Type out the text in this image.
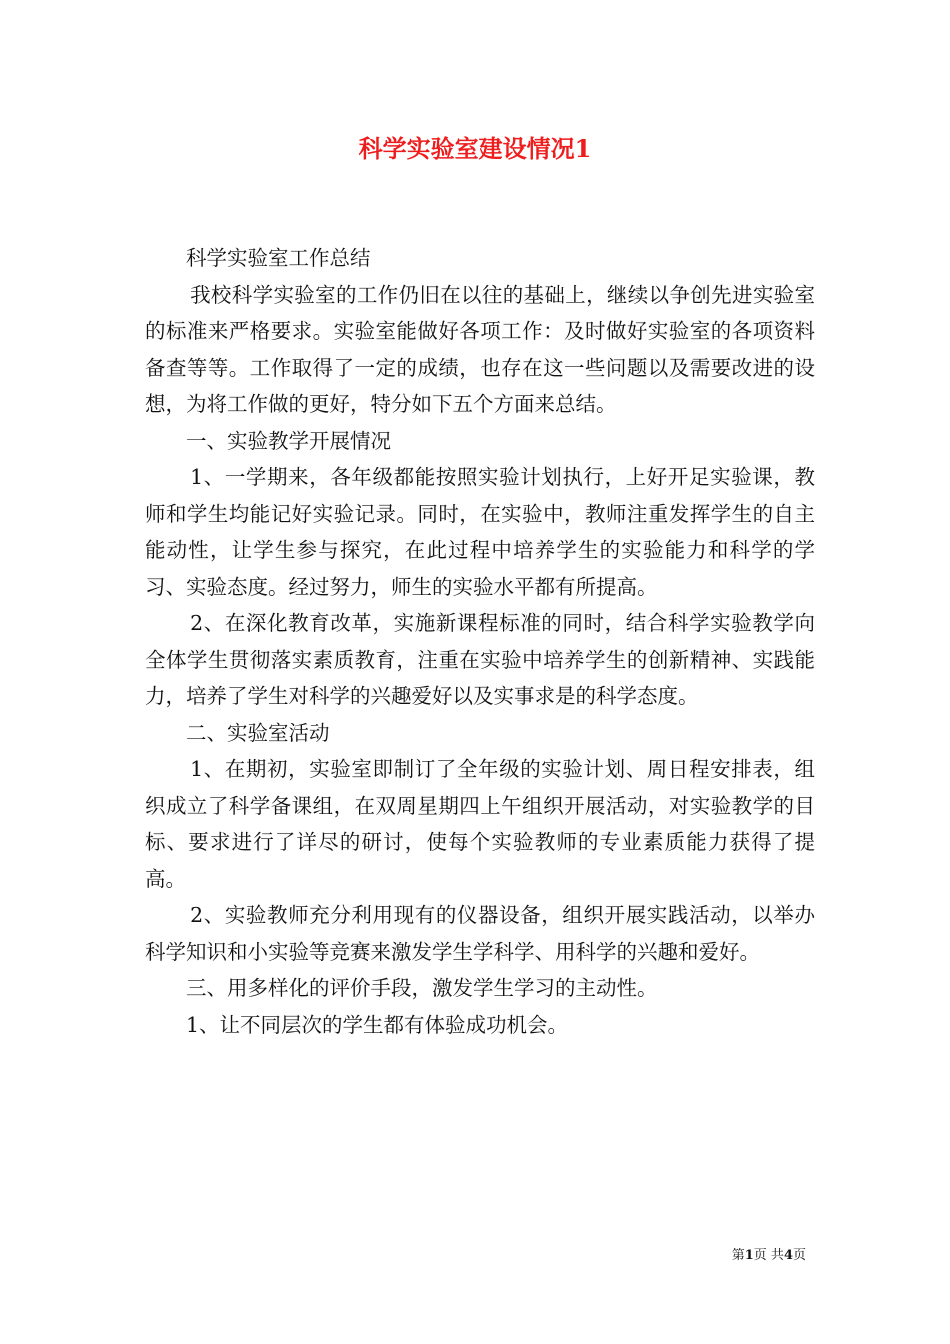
科学实验室建设情况1

科学实验室工作总结

我校科学实验室的工作仍旧在以往的基础上，继续以争创先进实验室的标准来严格要求。实验室能做好各项工作：及时做好实验室的各项资料备查等等。工作取得了一定的成绩，也存在这一些问题以及需要改进的设想，为将工作做的更好，特分如下五个方面来总结。

一、实验教学开展情况

1、一学期来，各年级都能按照实验计划执行，上好开足实验课，教师和学生均能记好实验记录。同时，在实验中，教师注重发挥学生的自主能动性，让学生参与探究，在此过程中培养学生的实验能力和科学的学习、实验态度。经过努力，师生的实验水平都有所提高。

2、在深化教育改革，实施新课程标准的同时，结合科学实验教学向全体学生贯彻落实素质教育，注重在实验中培养学生的创新精神、实践能力，培养了学生对科学的兴趣爱好以及实事求是的科学态度。

二、实验室活动

1、在期初，实验室即制订了全年级的实验计划、周日程安排表，组织成立了科学备课组，在双周星期四上午组织开展活动，对实验教学的目标、要求进行了详尽的研讨，使每个实验教师的专业素质能力获得了提高。

2、实验教师充分利用现有的仪器设备，组织开展实践活动，以举办科学知识和小实验等竞赛来激发学生学科学、用科学的兴趣和爱好。

三、用多样化的评价手段，激发学生学习的主动性。

1、让不同层次的学生都有体验成功机会。

第1页 共4页
